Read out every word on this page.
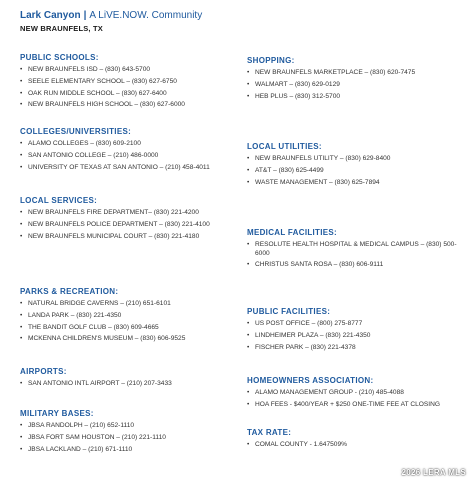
Lark Canyon | A LiVE.NOW. Community
NEW BRAUNFELS, TX
PUBLIC SCHOOLS:
• NEW BRAUNFELS ISD – (830) 643-5700
• SEELE ELEMENTARY SCHOOL – (830) 627-6750
• OAK RUN MIDDLE SCHOOL – (830) 627-6400
• NEW BRAUNFELS HIGH SCHOOL – (830) 627-6000
COLLEGES/UNIVERSITIES:
• ALAMO COLLEGES – (830) 609-2100
• SAN ANTONIO COLLEGE – (210) 486-0000
• UNIVERSITY OF TEXAS AT SAN ANTONIO – (210) 458-4011
LOCAL SERVICES:
• NEW BRAUNFELS FIRE DEPARTMENT– (830) 221-4200
• NEW BRAUNFELS POLICE DEPARTMENT – (830) 221-4100
• NEW BRAUNFELS MUNICIPAL COURT – (830) 221-4180
PARKS & RECREATION:
• NATURAL BRIDGE CAVERNS – (210) 651-6101
• LANDA PARK – (830) 221-4350
• THE BANDIT GOLF CLUB – (830) 609-4665
• MCKENNA CHILDREN'S MUSEUM – (830) 606-9525
AIRPORTS:
• SAN ANTONIO INTL AIRPORT – (210) 207-3433
MILITARY BASES:
• JBSA RANDOLPH – (210) 652-1110
• JBSA FORT SAM HOUSTON – (210) 221-1110
• JBSA LACKLAND – (210) 671-1110
SHOPPING:
• NEW BRAUNFELS MARKETPLACE – (830) 620-7475
• WALMART – (830) 629-0129
• HEB PLUS – (830) 312-5700
LOCAL UTILITIES:
• NEW BRAUNFELS UTILITY – (830) 629-8400
• AT&T – (830) 625-4499
• WASTE MANAGEMENT – (830) 625-7894
MEDICAL FACILITIES:
• RESOLUTE HEALTH HOSPITAL & MEDICAL CAMPUS – (830) 500-6000
• CHRISTUS SANTA ROSA – (830) 606-9111
PUBLIC FACILITIES:
• US POST OFFICE – (800) 275-8777
• LINDHEIMER PLAZA – (830) 221-4350
• FISCHER PARK – (830) 221-4378
HOMEOWNERS ASSOCIATION:
• ALAMO MANAGEMENT GROUP - (210) 485-4088
• HOA FEES - $400/YEAR + $250 ONE-TIME FEE AT CLOSING
TAX RATE:
• COMAL COUNTY - 1.647509%
2026 LERA MLS
